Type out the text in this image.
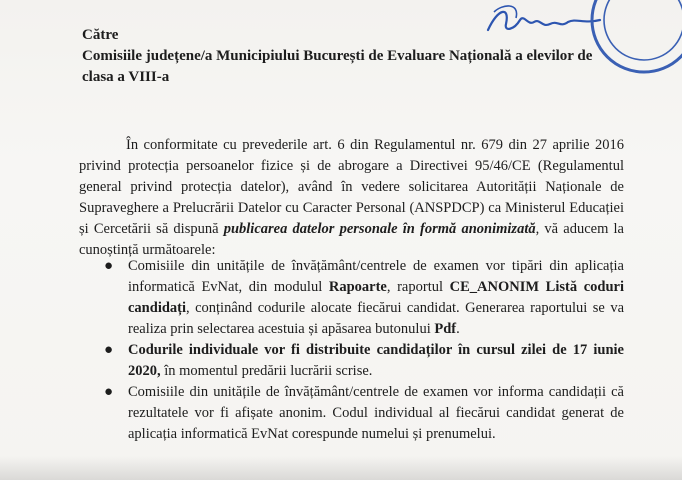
Către
Comisiile județene/a Municipiului București de Evaluare Națională a elevilor de clasa a VIII-a
În conformitate cu prevederile art. 6 din Regulamentul nr. 679 din 27 aprilie 2016 privind protecția persoanelor fizice și de abrogare a Directivei 95/46/CE (Regulamentul general privind protecția datelor), având în vedere solicitarea Autorității Naționale de Supraveghere a Prelucrării Datelor cu Caracter Personal (ANSPDCP) ca Ministerul Educației și Cercetării să dispună publicarea datelor personale în formă anonimizată, vă aducem la cunoștință următoarele:
● Comisiile din unitățile de învățământ/centrele de examen vor tipări din aplicația informatică EvNat, din modulul Rapoarte, raportul CE_ANONIM Listă coduri candidați, conținând codurile alocate fiecărui candidat. Generarea raportului se va realiza prin selectarea acestuia și apăsarea butonului Pdf.
● Codurile individuale vor fi distribuite candidaților în cursul zilei de 17 iunie 2020, în momentul predării lucrării scrise.
● Comisiile din unitățile de învățământ/centrele de examen vor informa candidații că rezultatele vor fi afișate anonim. Codul individual al fiecărui candidat generat de aplicația informatică EvNat corespunde numelui și prenumelui.
